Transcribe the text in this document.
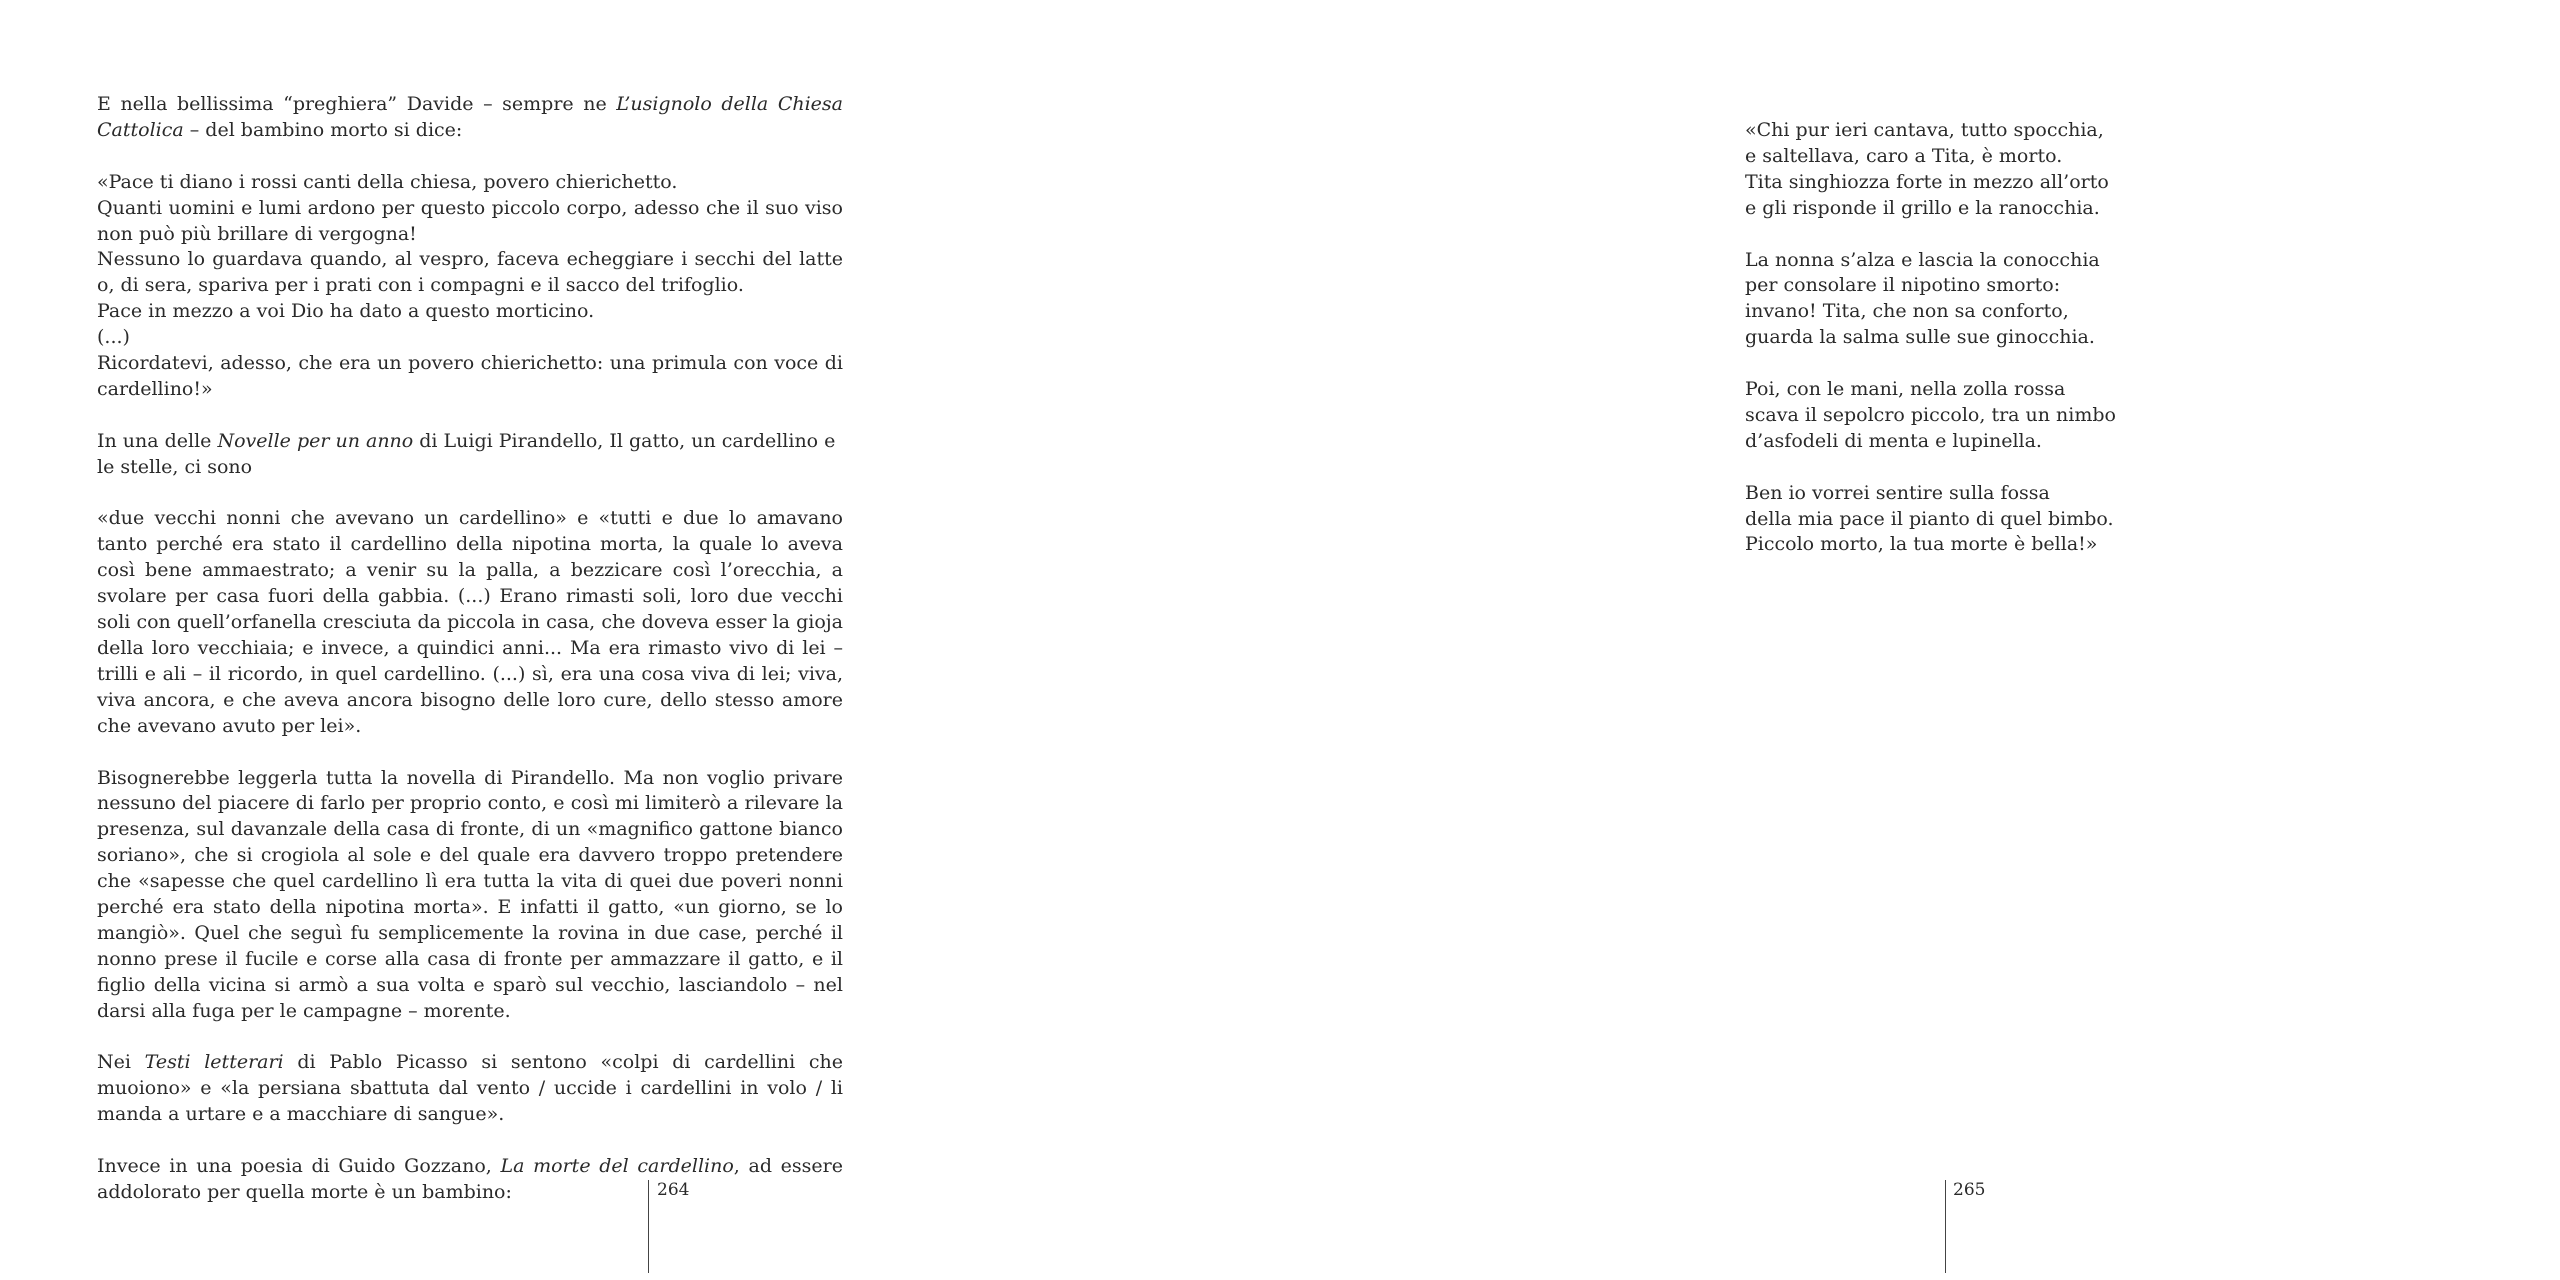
E nella bellissima “preghiera” Davide – sempre ne L’usignolo della Chiesa Cattolica – del bambino morto si dice:

«Pace ti diano i rossi canti della chiesa, povero chierichetto.
Quanti uomini e lumi ardono per questo piccolo corpo, adesso che il suo viso non può più brillare di vergogna!
Nessuno lo guardava quando, al vespro, faceva echeggiare i secchi del latte o, di sera, spariva per i prati con i compagni e il sacco del trifoglio.
Pace in mezzo a voi Dio ha dato a questo morticino.
(...)
Ricordatevi, adesso, che era un povero chierichetto: una primula con voce di cardellino!»

In una delle Novelle per un anno di Luigi Pirandello, Il gatto, un cardellino e le stelle, ci sono

«due vecchi nonni che avevano un cardellino» e «tutti e due lo amavano tanto perché era stato il cardellino della nipotina morta, la quale lo aveva così bene ammaestrato; a venir su la palla, a bezzicare così l’orecchia, a svolare per casa fuori della gabbia. (...) Erano rimasti soli, loro due vecchi soli con quell’orfanella cresciuta da piccola in casa, che doveva esser la gioja della loro vecchiaia; e invece, a quindici anni... Ma era rimasto vivo di lei – trilli e ali – il ricordo, in quel cardellino. (...) sì, era una cosa viva di lei; viva, viva ancora, e che aveva ancora bisogno delle loro cure, dello stesso amore che avevano avuto per lei».

Bisognerebbe leggerla tutta la novella di Pirandello. Ma non voglio privare nessuno del piacere di farlo per proprio conto, e così mi limiterò a rilevare la presenza, sul davanzale della casa di fronte, di un «magnifico gattone bianco soriano», che si crogiola al sole e del quale era davvero troppo pretendere che «sapesse che quel cardellino lì era tutta la vita di quei due poveri nonni perché era stato della nipotina morta». E infatti il gatto, «un giorno, se lo mangiò». Quel che seguì fu semplicemente la rovina in due case, perché il nonno prese il fucile e corse alla casa di fronte per ammazzare il gatto, e il figlio della vicina si armò a sua volta e sparò sul vecchio, lasciandolo – nel darsi alla fuga per le campagne – morente.

Nei Testi letterari di Pablo Picasso si sentono «colpi di cardellini che muoiono» e «la persiana sbattuta dal vento / uccide i cardellini in volo / li manda a urtare e a macchiare di sangue».

Invece in una poesia di Guido Gozzano, La morte del cardellino, ad essere addolorato per quella morte è un bambino:	264

«Chi pur ieri cantava, tutto spocchia,
e saltellava, caro a Tita, è morto.
Tita singhiozza forte in mezzo all’orto
e gli risponde il grillo e la ranocchia.

La nonna s’alza e lascia la conocchia
per consolare il nipotino smorto:
invano! Tita, che non sa conforto,
guarda la salma sulle sue ginocchia.

Poi, con le mani, nella zolla rossa
scava il sepolcro piccolo, tra un nimbo
d’asfodeli di menta e lupinella.

Ben io vorrei sentire sulla fossa
della mia pace il pianto di quel bimbo.
Piccolo morto, la tua morte è bella!»

265
